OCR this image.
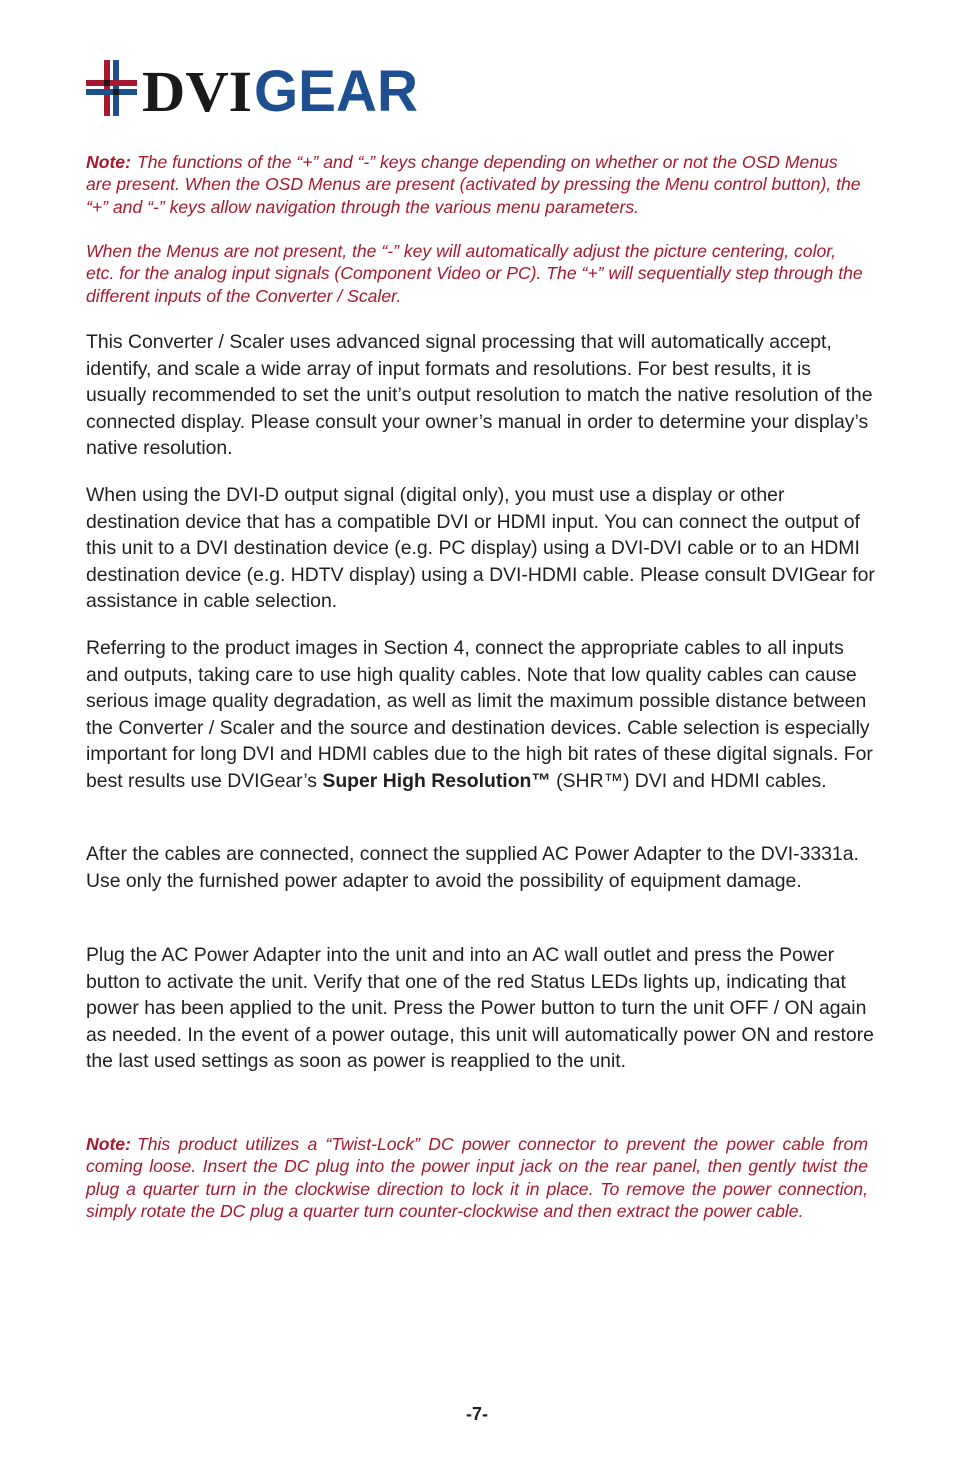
DVI GEAR

Note: The functions of the “+” and “-” keys change depending on whether or not the OSD Menus are present. When the OSD Menus are present (activated by pressing the Menu control button), the “+” and “-” keys allow navigation through the various menu parameters.

When the Menus are not present, the “-” key will automatically adjust the picture centering, color, etc. for the analog input signals (Component Video or PC). The “+” will sequentially step through the different inputs of the Converter / Scaler.

This Converter / Scaler uses advanced signal processing that will automatically accept, identify, and scale a wide array of input formats and resolutions. For best results, it is usually recommended to set the unit’s output resolution to match the native resolution of the connected display. Please consult your owner’s manual in order to determine your display’s native resolution.

When using the DVI-D output signal (digital only), you must use a display or other destination device that has a compatible DVI or HDMI input. You can connect the output of this unit to a DVI destination device (e.g. PC display) using a DVI-DVI cable or to an HDMI destination device (e.g. HDTV display) using a DVI-HDMI cable. Please consult DVIGear for assistance in cable selection.

Referring to the product images in Section 4, connect the appropriate cables to all inputs and outputs, taking care to use high quality cables. Note that low quality cables can cause serious image quality degradation, as well as limit the maximum possible distance between the Converter / Scaler and the source and destination devices. Cable selection is especially important for long DVI and HDMI cables due to the high bit rates of these digital signals. For best results use DVIGear’s Super High Resolution™ (SHR™) DVI and HDMI cables.

After the cables are connected, connect the supplied AC Power Adapter to the DVI-3331a. Use only the furnished power adapter to avoid the possibility of equipment damage.

Plug the AC Power Adapter into the unit and into an AC wall outlet and press the Power button to activate the unit. Verify that one of the red Status LEDs lights up, indicating that power has been applied to the unit. Press the Power button to turn the unit OFF / ON again as needed. In the event of a power outage, this unit will automatically power ON and restore the last used settings as soon as power is reapplied to the unit.

Note: This product utilizes a “Twist-Lock” DC power connector to prevent the power cable from coming loose. Insert the DC plug into the power input jack on the rear panel, then gently twist the plug a quarter turn in the clockwise direction to lock it in place. To remove the power connection, simply rotate the DC plug a quarter turn counter-clockwise and then extract the power cable.

-7-
